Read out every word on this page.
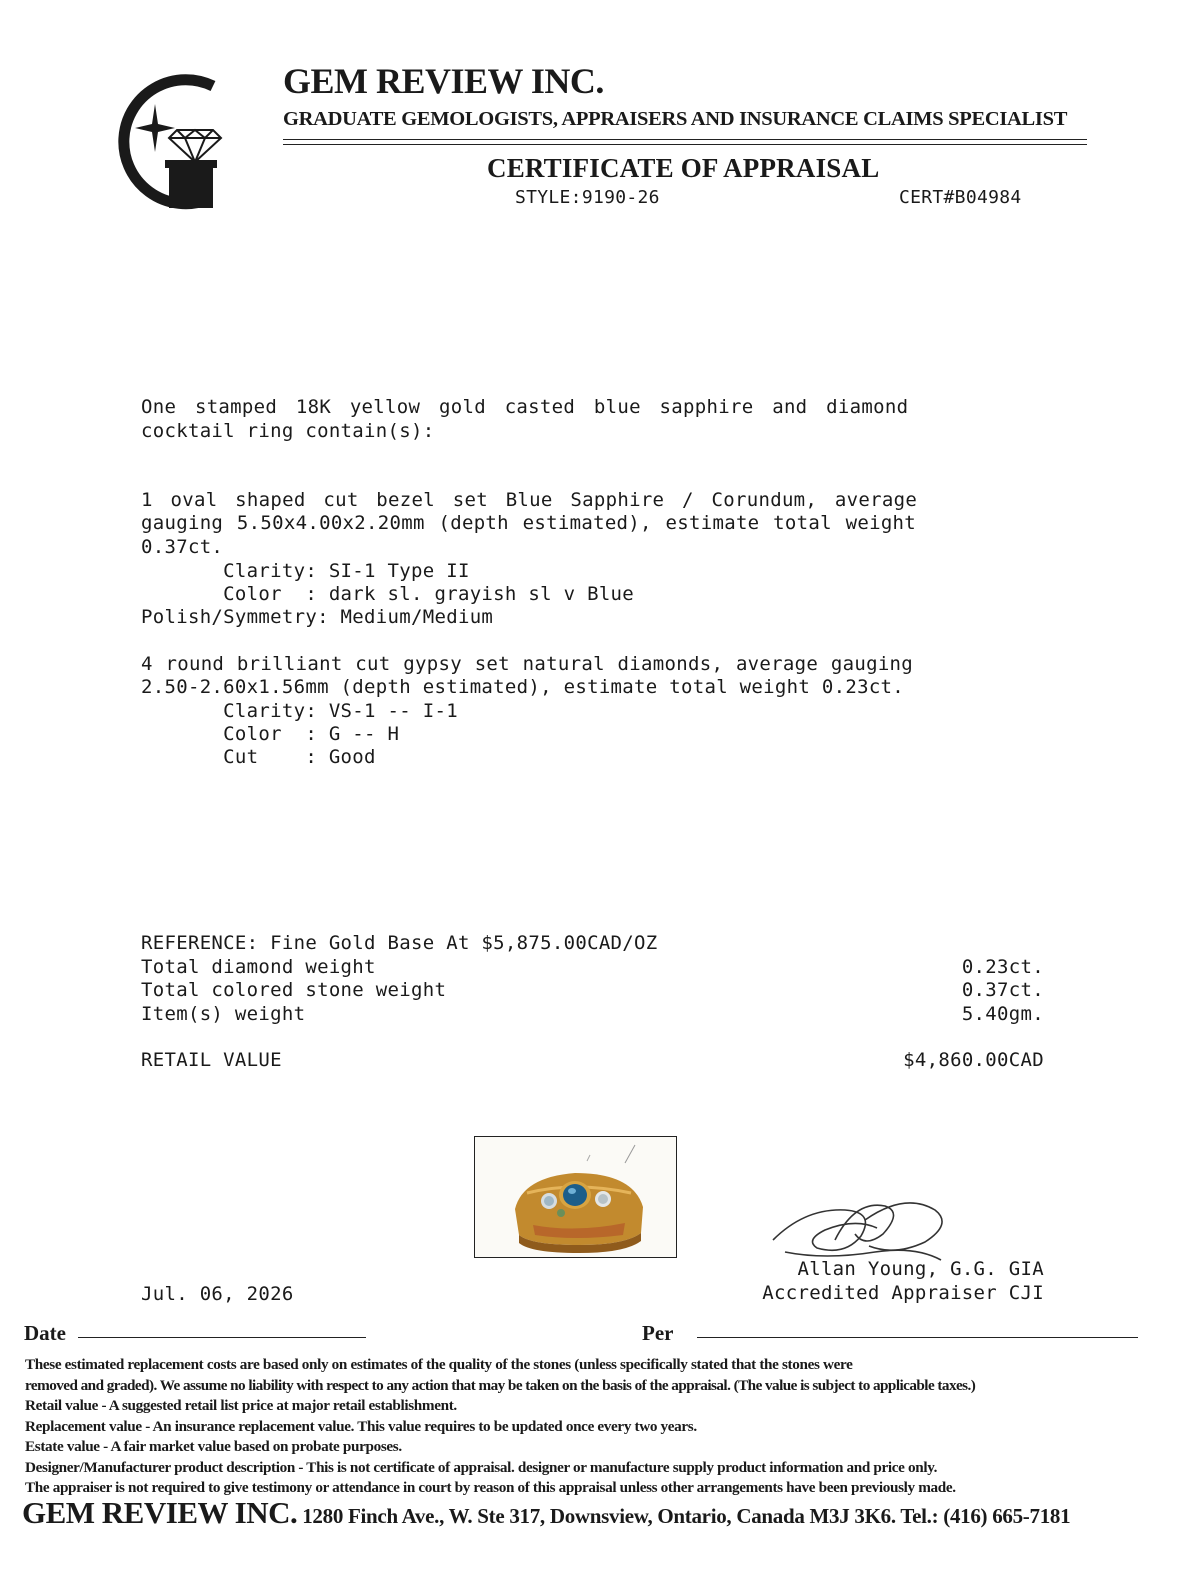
GEM REVIEW INC.
GRADUATE GEMOLOGISTS, APPRAISERS AND INSURANCE CLAIMS SPECIALIST
CERTIFICATE OF APPRAISAL
STYLE:9190-26	CERT#B04984
One stamped 18K yellow gold casted blue sapphire and diamond
cocktail ring contain(s):
1 oval shaped cut bezel set Blue Sapphire / Corundum, average
gauging 5.50x4.00x2.20mm (depth estimated), estimate total weight
0.37ct.
Clarity: SI-1 Type II
Color  : dark sl. grayish sl v Blue
Polish/Symmetry: Medium/Medium
4 round brilliant cut gypsy set natural diamonds, average gauging
2.50-2.60x1.56mm (depth estimated), estimate total weight 0.23ct.
Clarity: VS-1 -- I-1
Color  : G -- H
Cut    : Good
REFERENCE: Fine Gold Base At $5,875.00CAD/OZ
Total diamond weight	0.23ct.
Total colored stone weight	0.37ct.
Item(s) weight	5.40gm.
RETAIL VALUE	$4,860.00CAD
Jul. 06, 2026
Allan Young, G.G. GIA
Accredited Appraiser CJI
Date	Per
These estimated replacement costs are based only on estimates of the quality of the stones (unless specifically stated that the stones were
removed and graded). We assume no liability with respect to any action that may be taken on the basis of the appraisal. (The value is subject to applicable taxes.)
Retail value - A suggested retail list price at major retail establishment.
Replacement value - An insurance replacement value. This value requires to be updated once every two years.
Estate value - A fair market value based on probate purposes.
Designer/Manufacturer product description - This is not certificate of appraisal. designer or manufacture supply product information and price only.
The appraiser is not required to give testimony or attendance in court by reason of this appraisal unless other arrangements have been previously made.
GEM REVIEW INC. 1280 Finch Ave., W. Ste 317, Downsview, Ontario, Canada M3J 3K6. Tel.: (416) 665-7181
